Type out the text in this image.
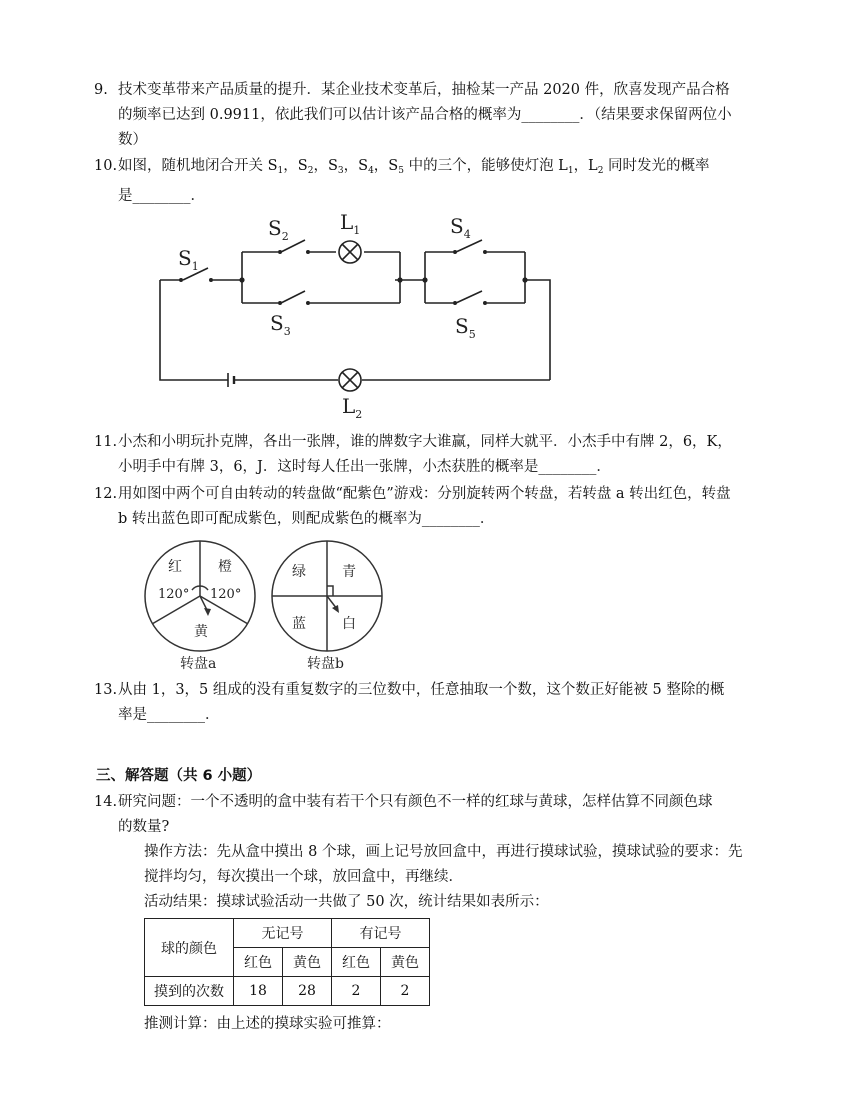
9. 技术变革带来产品质量的提升．某企业技术变革后，抽检某一产品 2020 件，欣喜发现产品合格
的频率已达到 0.9911，依此我们可以估计该产品合格的概率为________．（结果要求保留两位小
数）
10. 如图，随机地闭合开关 $S_1$，$S_2$，$S_3$，$S_4$，$S_5$ 中的三个，能够使灯泡 $L_1$，$L_2$ 同时发光的概率
是________．
$S_1$
$S_2$
$L_1$	$S_4$
$S_3$	$S_5$
$L_2$
11. 小杰和小明玩扑克牌，各出一张牌，谁的牌数字大谁赢，同样大就平．小杰手中有牌 2，6，K，
小明手中有牌 3，6，J．这时每人任出一张牌，小杰获胜的概率是________．
12. 用如图中两个可自由转动的转盘做“配紫色”游戏：分别旋转两个转盘，若转盘 a 转出红色，转盘
b 转出蓝色即可配成紫色，则配成紫色的概率为________．
红	橙
120° 120°
黄
绿	青
蓝	白
转盘a	转盘b
13. 从由 1，3，5 组成的没有重复数字的三位数中，任意抽取一个数，这个数正好能被 5 整除的概
率是________．
三、解答题（共 6 小题）
14. 研究问题：一个不透明的盒中装有若干个只有颜色不一样的红球与黄球，怎样估算不同颜色球
的数量?
操作方法：先从盒中摸出 8 个球，画上记号放回盒中，再进行摸球试验，摸球试验的要求：先
搅拌均匀，每次摸出一个球，放回盒中，再继续．
活动结果：摸球试验活动一共做了 50 次，统计结果如表所示：
球的颜色	无记号		有记号	
	红色	黄色	红色	黄色
摸到的次数	18	28	2	2
推测计算：由上述的摸球实验可推算：
